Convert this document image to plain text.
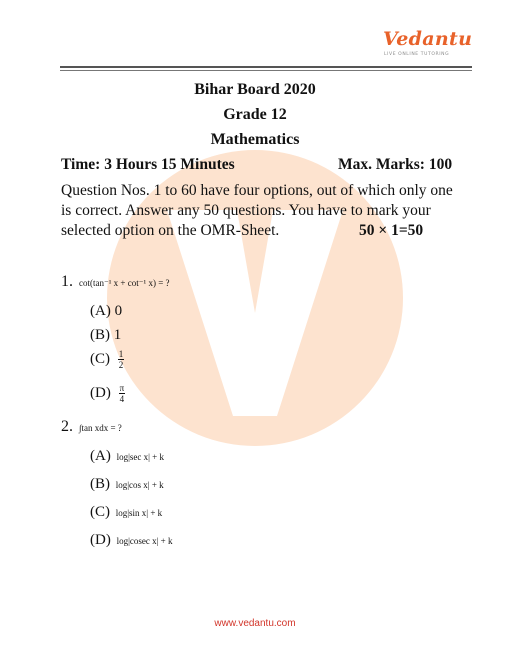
Vedantu
LIVE ONLINE TUTORING
Bihar Board 2020
Grade 12
Mathematics
Time: 3 Hours 15 Minutes	Max. Marks: 100
Question Nos. 1 to 60 have four options, out of which only one
is correct. Answer any 50 questions. You have to mark your
selected option on the OMR-Sheet.	50 × 1=50
1. cot(tan⁻¹ x + cot⁻¹ x) = ?
(A) 0
(B) 1
$(C) \frac{1}{2}$
$(D) \frac{\pi}{4}$
2. ∫tan xdx = ?
(A) log|sec x| + k
(B) log|cos x| + k
(C) log|sin x| + k
(D) log|cosec x| + k
www.vedantu.com
